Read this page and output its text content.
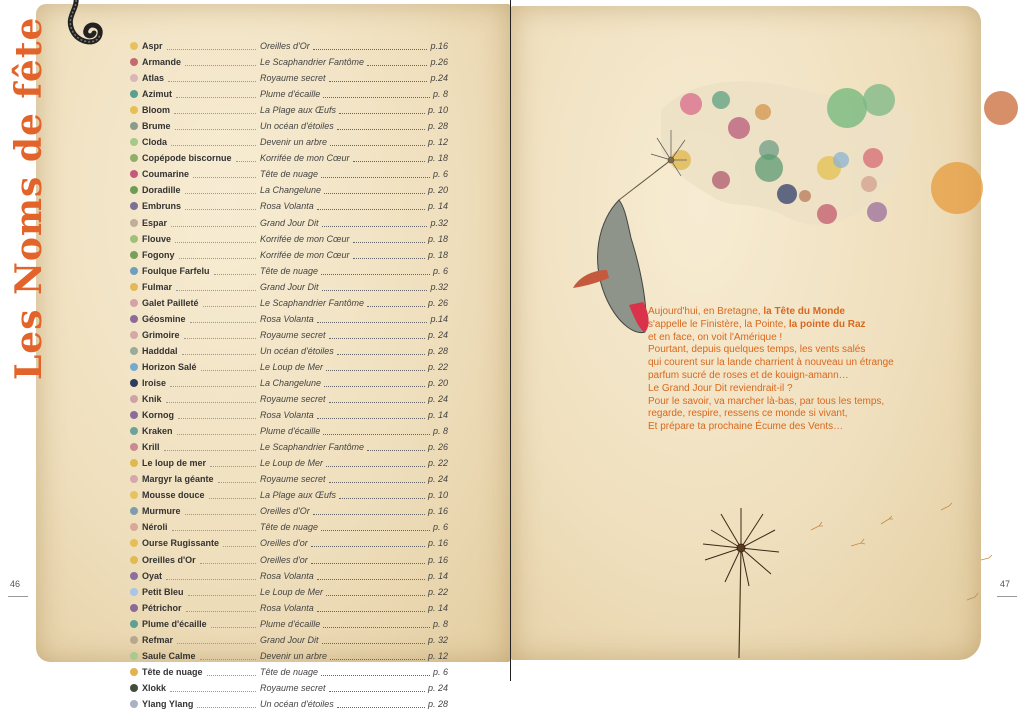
Les Noms de fête	Aspr	Oreilles d'Or	p.16
Armande	Le Scaphandrier Fantôme	p.26
Atlas	Royaume secret	p.24
Azimut	Plume d'écaille	p. 8
Bloom	La Plage aux Œufs	p. 10
Brume	Un océan d'étoiles	p. 28
Cloda	Devenir un arbre	p. 12
Copépode biscornue	Korrifée de mon Cœur	p. 18
Coumarine	Tête de nuage	p. 6
Doradille	La Changelune	p. 20
Embruns	Rosa Volanta	p. 14
Espar	Grand Jour Dit	p.32
Flouve	Korrifée de mon Cœur	p. 18
Fogony	Korrifée de mon Cœur	p. 18
Foulque Farfelu	Tête de nuage	p. 6
Fulmar	Grand Jour Dit	p.32
Galet Pailleté	Le Scaphandrier Fantôme	p. 26
Géosmine	Rosa Volanta	p.14
Grimoire	Royaume secret	p. 24
Hadddal	Un océan d'étoiles	p. 28
Horizon Salé	Le Loup de Mer	p. 22
Iroise	La Changelune	p. 20
Knik	Royaume secret	p. 24
Kornog	Rosa Volanta	p. 14
Kraken	Plume d'écaille	p. 8
Krill	Le Scaphandrier Fantôme	p. 26
Le loup de mer	Le Loup de Mer	p. 22
Margyr la géante	Royaume secret	p. 24
Mousse douce	La Plage aux Œufs	p. 10
Murmure	Oreilles d'Or	p. 16
Néroli	Tête de nuage	p. 6
Ourse Rugissante	Oreilles d'or	p. 16
Oreilles d'Or	Oreilles d'or	p. 16
Oyat	Rosa Volanta	p. 14
Petit Bleu	Le Loup de Mer	p. 22
Pétrichor	Rosa Volanta	p. 14
Plume d'écaille	Plume d'écaille	p. 8
Refmar	Grand Jour Dit	p. 32
Saule Calme	Devenir un arbre	p. 12
Tête de nuage	Tête de nuage	p. 6
Xlokk	Royaume secret	p. 24
Ylang Ylang	Un océan d'étoiles	p. 28
46

Aujourd'hui, en Bretagne, la Tête du Monde

s'appelle le Finistère, la Pointe, la pointe du Raz

et en face, on voit l'Amérique !

Pourtant, depuis quelques temps, les vents salés

qui courent sur la lande charrient à nouveau un étrange

parfum sucré de roses et de kouign-amann…

Le Grand Jour Dit reviendrait-il ?

Pour le savoir, va marcher là-bas, par tous les temps,

regarde, respire, ressens ce monde si vivant,

Et prépare ta prochaine Écume des Vents…

47
